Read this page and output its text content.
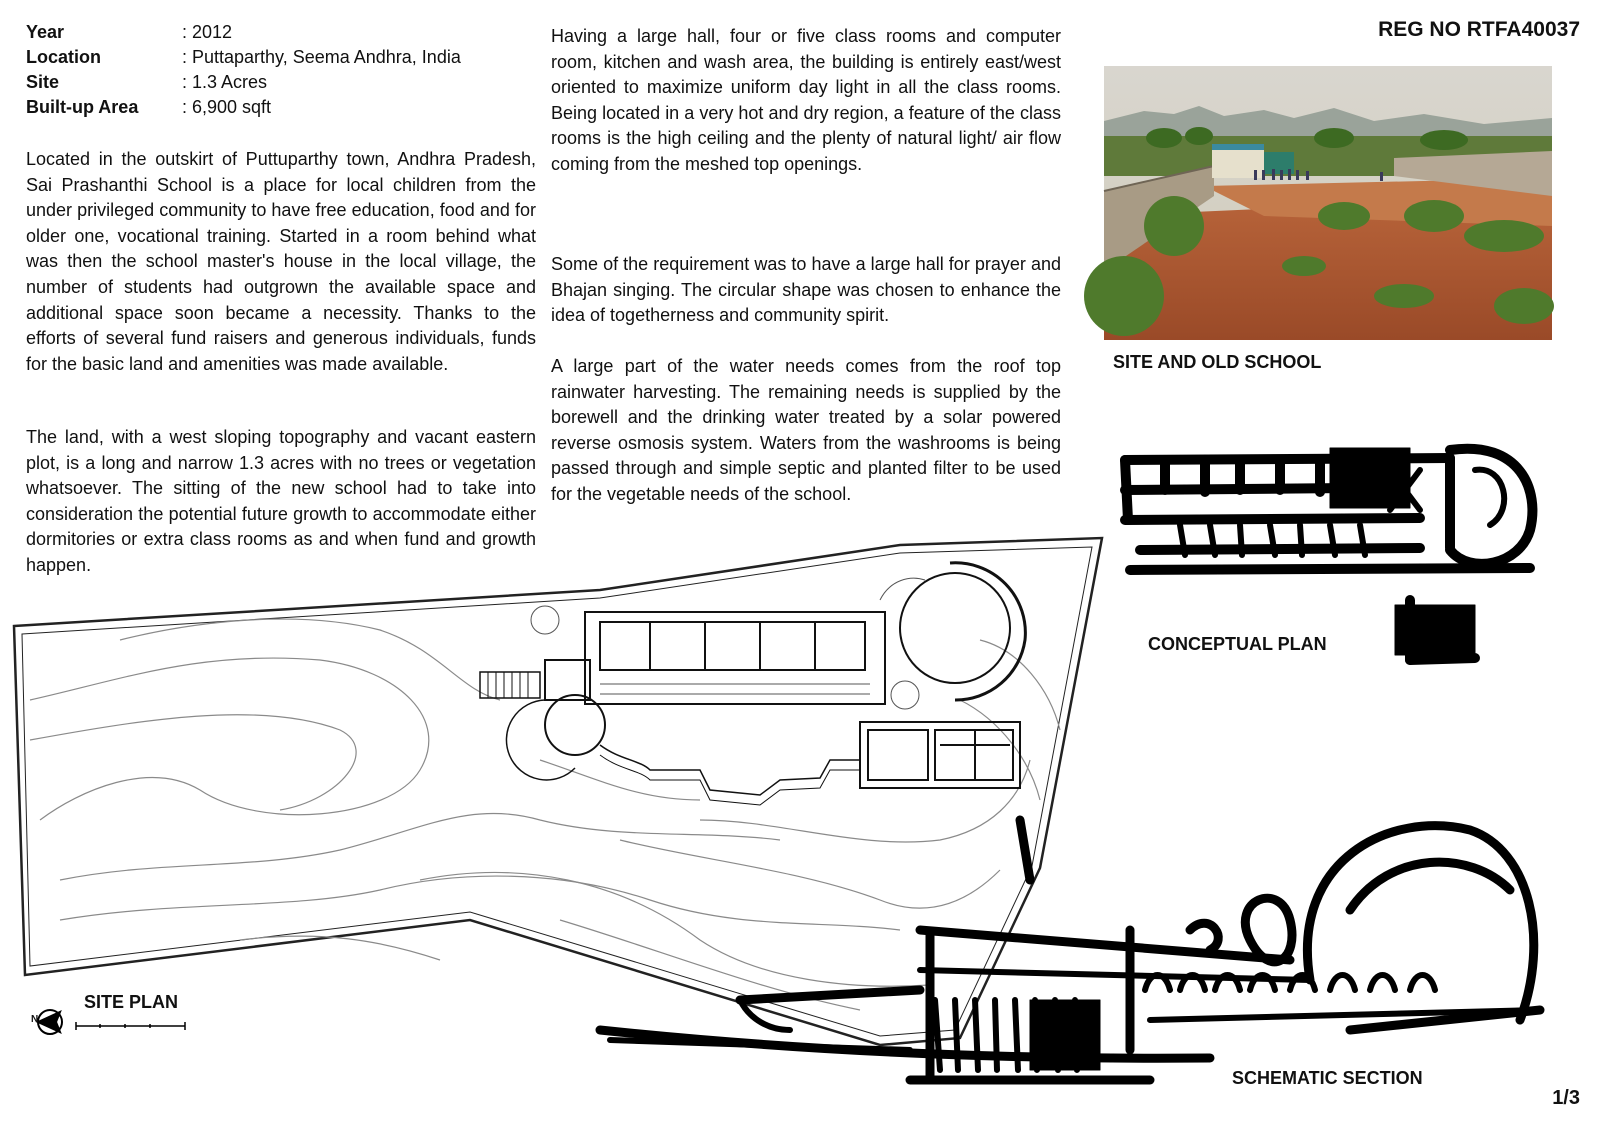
REG NO RTFA40037
Year	: 2012
Location	: Puttaparthy, Seema Andhra, India
Site	: 1.3 Acres
Built-up Area : 6,900 sqft
Located in the outskirt of Puttuparthy town, Andhra Pradesh, Sai Prashanthi School is a place for local children from the under privileged community to have free education, food and for older one, vocational training. Started in a room behind what was then the school master's house in the local village, the number of students had outgrown the available space and additional space soon became a necessity. Thanks to the efforts of several fund raisers and generous individuals, funds for the basic land and amenities was made available.
The land, with a west sloping topography and vacant eastern plot, is a long and narrow 1.3 acres with no trees or vegetation whatsoever. The sitting of the new school had to take into consideration the potential future growth to accommodate either dormitories or extra class rooms as and when fund and growth happen.
Having a large hall, four or five class rooms and computer room, kitchen and wash area, the building is entirely east/west oriented to maximize uniform day light in all the class rooms. Being located in a very hot and dry region, a feature of the class rooms is the high ceiling and the plenty of natural light/ air flow coming from the meshed top openings.
Some of the requirement was to have a large hall for prayer and Bhajan singing. The circular shape was chosen to enhance the idea of togetherness and community spirit.
A large part of the water needs comes from the roof top rainwater harvesting. The remaining needs is supplied by the borewell and the drinking water treated by a solar powered reverse osmosis system. Waters from the washrooms is being passed through and simple septic and planted filter to be used for the vegetable needs of the school.
SITE AND OLD SCHOOL
CONCEPTUAL PLAN
N
SITE PLAN
SCHEMATIC SECTION
1/3
